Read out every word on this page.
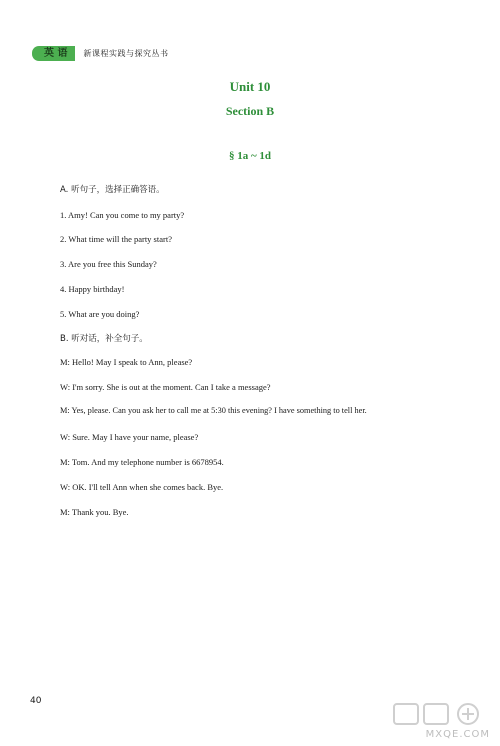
英 语	新课程实践与探究丛书
Unit 10
Section B
§ 1a ~ 1d
A. 听句子，选择正确答语。
1. Amy! Can you come to my party?
2. What time will the party start?
3. Are you free this Sunday?
4. Happy birthday!
5. What are you doing?
B. 听对话，补全句子。
M: Hello! May I speak to Ann, please?
W: I'm sorry. She is out at the moment. Can I take a message?
M: Yes, please. Can you ask her to call me at 5:30 this evening? I have something to tell her.
W: Sure. May I have your name, please?
M: Tom. And my telephone number is 6678954.
W: OK. I'll tell Ann when she comes back. Bye.
M: Thank you. Bye.
40
MXQE.COM
